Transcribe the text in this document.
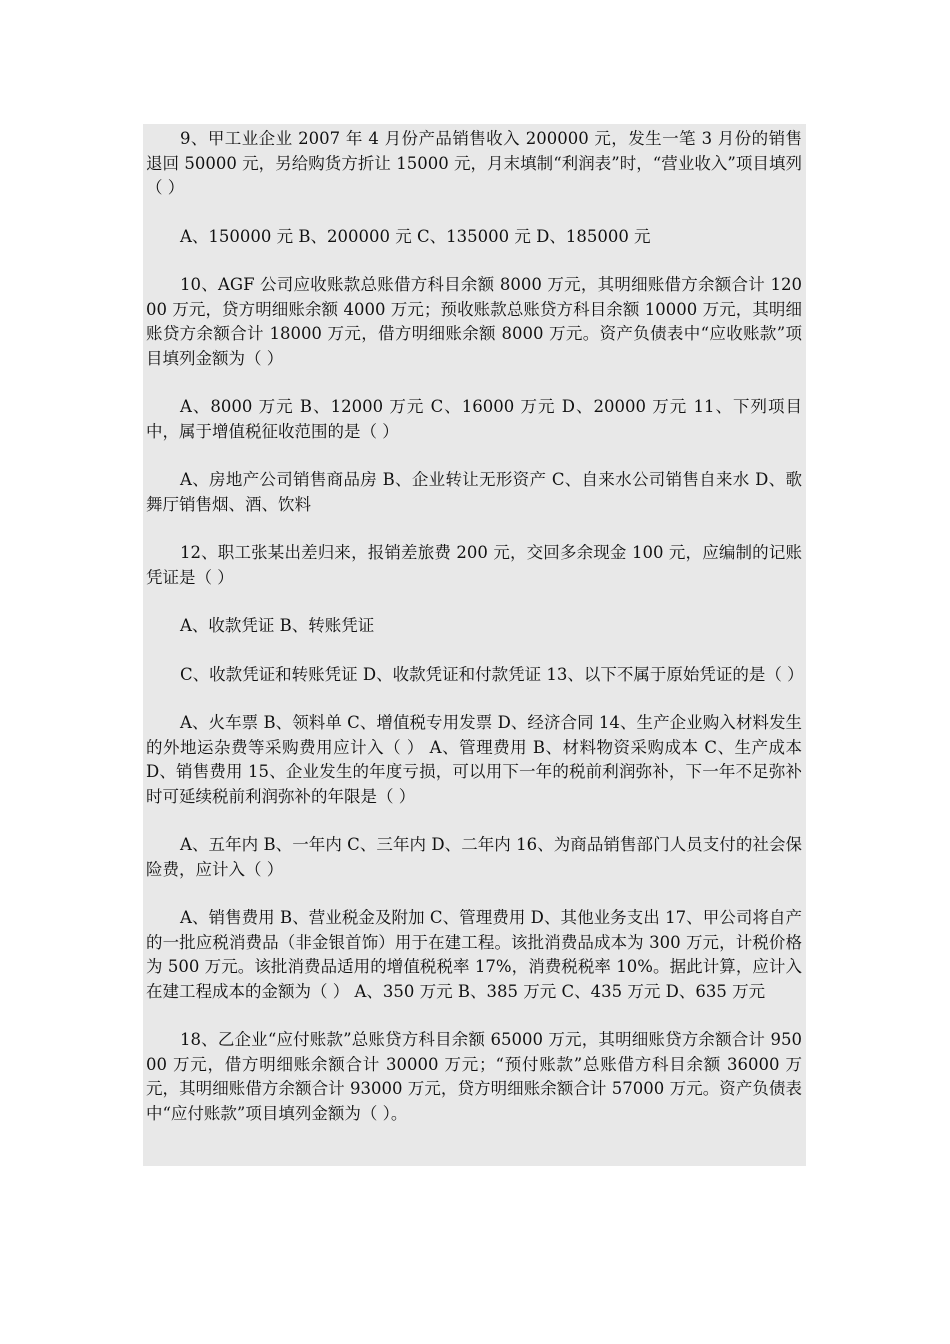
9、甲工业企业 2007 年 4 月份产品销售收入 200000 元，发生一笔 3 月份的销售退回 50000 元，另给购货方折让 15000 元，月末填制“利润表”时，“营业收入”项目填列（ ）

A、150000 元 B、200000 元 C、135000 元 D、185000 元

10、AGF 公司应收账款总账借方科目余额 8000 万元，其明细账借方余额合计 12000 万元，贷方明细账余额 4000 万元；预收账款总账贷方科目余额 10000 万元，其明细账贷方余额合计 18000 万元，借方明细账余额 8000 万元。资产负债表中“应收账款”项目填列金额为（ ）

A、8000 万元 B、12000 万元 C、16000 万元 D、20000 万元 11、下列项目中，属于增值税征收范围的是（ ）

A、房地产公司销售商品房 B、企业转让无形资产 C、自来水公司销售自来水 D、歌舞厅销售烟、酒、饮料

12、职工张某出差归来，报销差旅费 200 元，交回多余现金 100 元，应编制的记账凭证是（ ）

A、收款凭证 B、转账凭证

C、收款凭证和转账凭证 D、收款凭证和付款凭证 13、以下不属于原始凭证的是（ ）

A、火车票 B、领料单 C、增值税专用发票 D、经济合同 14、生产企业购入材料发生的外地运杂费等采购费用应计入（ ） A、管理费用 B、材料物资采购成本 C、生产成本 D、销售费用 15、企业发生的年度亏损，可以用下一年的税前利润弥补，下一年不足弥补时可延续税前利润弥补的年限是（ ）

A、五年内 B、一年内 C、三年内 D、二年内 16、为商品销售部门人员支付的社会保险费，应计入（ ）

A、销售费用 B、营业税金及附加 C、管理费用 D、其他业务支出 17、甲公司将自产的一批应税消费品（非金银首饰）用于在建工程。该批消费品成本为 300 万元，计税价格为 500 万元。该批消费品适用的增值税税率 17%，消费税税率 10%。据此计算，应计入在建工程成本的金额为（ ） A、350 万元 B、385 万元 C、435 万元 D、635 万元

18、乙企业“应付账款”总账贷方科目余额 65000 万元，其明细账贷方余额合计 95000 万元，借方明细账余额合计 30000 万元；“预付账款”总账借方科目余额 36000 万元，其明细账借方余额合计 93000 万元，贷方明细账余额合计 57000 万元。资产负债表中“应付账款”项目填列金额为（ ）。
